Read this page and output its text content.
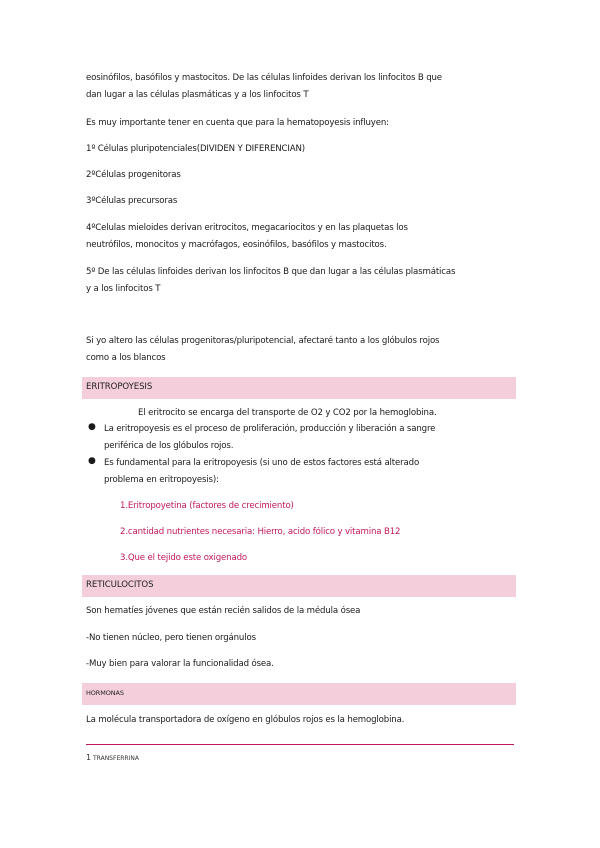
eosinófilos, basófilos y mastocitos. De las células linfoides derivan los linfocitos B que
dan lugar a las células plasmáticas y a los linfocitos T
Es muy importante tener en cuenta que para la hematopoyesis influyen:
1º Células pluripotenciales(DIVIDEN Y DIFERENCIAN)
2ºCélulas progenitoras
3ºCélulas precursoras
4ºCelulas mieloides derivan eritrocitos, megacariocitos y en las plaquetas los
neutrófilos, monocitos y macrófagos, eosinófilos, basófilos y mastocitos.
5º De las células linfoides derivan los linfocitos B que dan lugar a las células plasmáticas
y a los linfocitos T
Si yo altero las células progenitoras/pluripotencial, afectaré tanto a los glóbulos rojos
como a los blancos
ERITROPOYESIS
El eritrocito se encarga del transporte de O2 y CO2 por la hemoglobina.
● La eritropoyesis es el proceso de proliferación, producción y liberación a sangre
periférica de los glóbulos rojos.
● Es fundamental para la eritropoyesis (si uno de estos factores está alterado
problema en eritropoyesis):
1.Eritropoyetina (factores de crecimiento)
2.cantidad nutrientes necesaria: Hierro, acido fólico y vitamina B12
3.Que el tejido este oxigenado
RETICULOCITOS
Son hematíes jóvenes que están recién salidos de la médula ósea
-No tienen núcleo, pero tienen orgánulos
-Muy bien para valorar la funcionalidad ósea.
HORMONAS
La molécula transportadora de oxígeno en glóbulos rojos es la hemoglobina.
1 TRANSFERRINA
